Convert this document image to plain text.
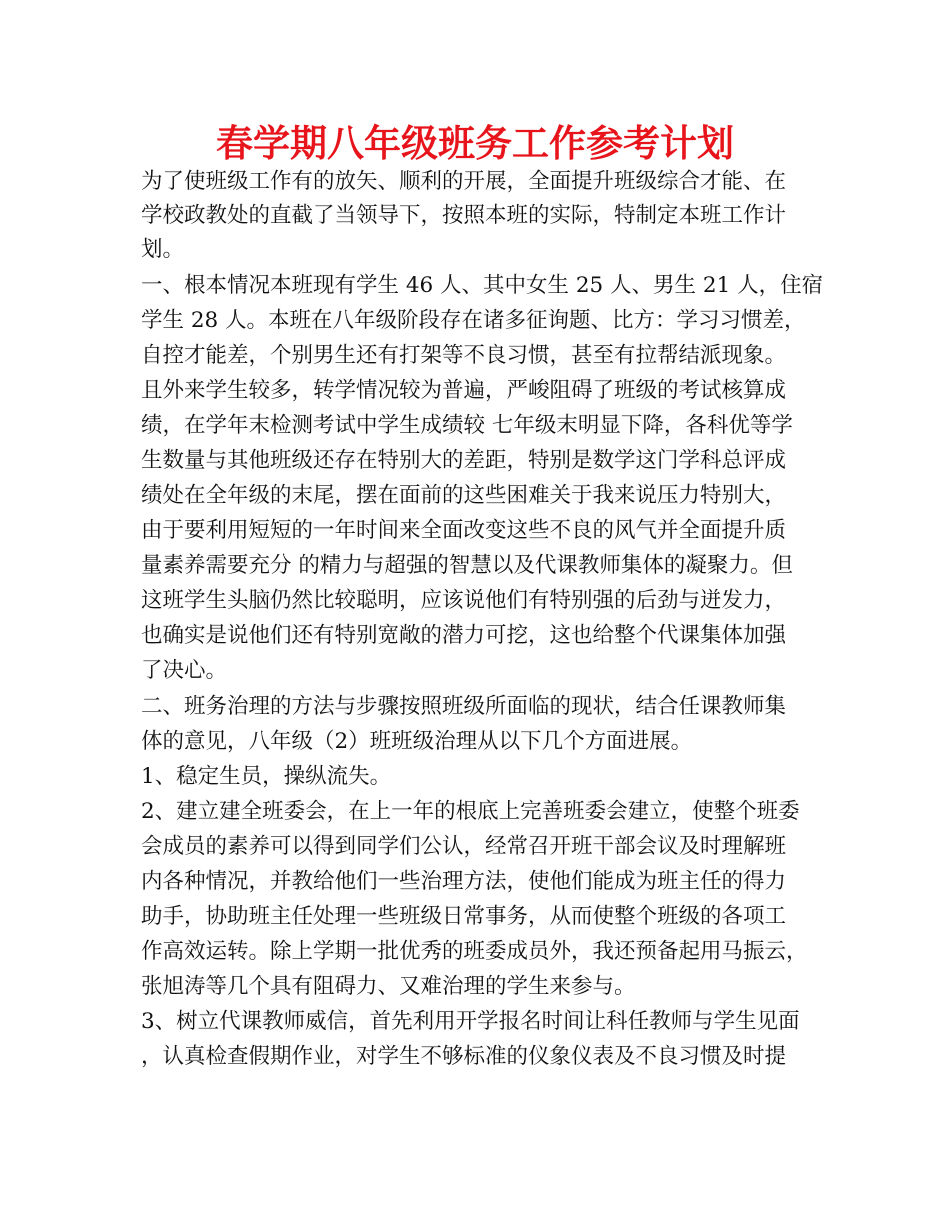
春学期八年级班务工作参考计划
为了使班级工作有的放矢、顺利的开展，全面提升班级综合才能、在
学校政教处的直截了当领导下，按照本班的实际，特制定本班工作计
划。
一、根本情况本班现有学生 46 人、其中女生 25 人、男生 21 人，住宿
学生 28 人。本班在八年级阶段存在诸多征询题、比方：学习习惯差，
自控才能差，个别男生还有打架等不良习惯，甚至有拉帮结派现象。
且外来学生较多，转学情况较为普遍，严峻阻碍了班级的考试核算成
绩，在学年末检测考试中学生成绩较 七年级末明显下降，各科优等学
生数量与其他班级还存在特别大的差距，特别是数学这门学科总评成
绩处在全年级的末尾，摆在面前的这些困难关于我来说压力特别大，
由于要利用短短的一年时间来全面改变这些不良的风气并全面提升质
量素养需要充分 的精力与超强的智慧以及代课教师集体的凝聚力。但
这班学生头脑仍然比较聪明，应该说他们有特别强的后劲与迸发力，
也确实是说他们还有特别宽敞的潜力可挖，这也给整个代课集体加强
了决心。
二、班务治理的方法与步骤按照班级所面临的现状，结合任课教师集
体的意见，八年级（2）班班级治理从以下几个方面进展。
1、稳定生员，操纵流失。
2、建立建全班委会，在上一年的根底上完善班委会建立，使整个班委
会成员的素养可以得到同学们公认，经常召开班干部会议及时理解班
内各种情况，并教给他们一些治理方法，使他们能成为班主任的得力
助手，协助班主任处理一些班级日常事务，从而使整个班级的各项工
作高效运转。除上学期一批优秀的班委成员外，我还预备起用马振云，
张旭涛等几个具有阻碍力、又难治理的学生来参与。
3、树立代课教师威信，首先利用开学报名时间让科任教师与学生见面
，认真检查假期作业，对学生不够标准的仪象仪表及不良习惯及时提
